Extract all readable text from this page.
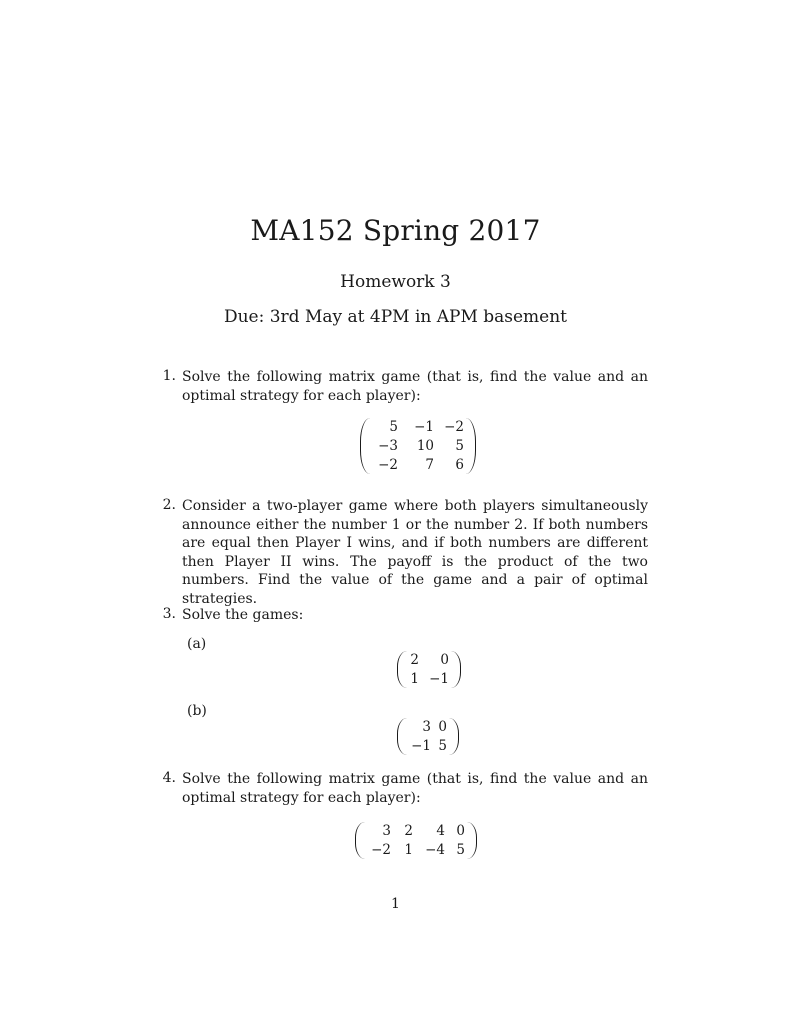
MA152 Spring 2017
Homework 3
Due: 3rd May at 4PM in APM basement
1. Solve the following matrix game (that is, find the value and an optimal strategy for each player):
5	−1 −2
−3	10	5
−2	7	6
2. Consider a two-player game where both players simultaneously announce either the number 1 or the number 2. If both numbers are equal then Player I wins, and if both numbers are different then Player II wins. The payoff is the product of the two numbers. Find the value of the game and a pair of optimal strategies.
3. Solve the games:
(a)
2	0
1 −1
(b)
3 0
−1 5
4. Solve the following matrix game (that is, find the value and an optimal strategy for each player):
3 2	4 0
−2 1 −4 5
1
